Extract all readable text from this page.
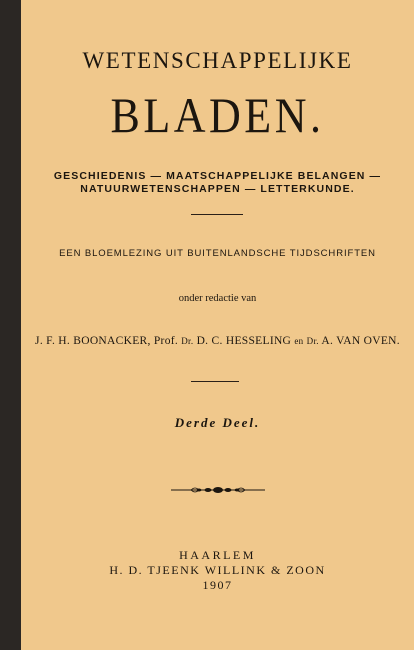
WETENSCHAPPELIJKE
BLADEN.
GESCHIEDENIS — MAATSCHAPPELIJKE BELANGEN —
NATUURWETENSCHAPPEN — LETTERKUNDE.
EEN BLOEMLEZING UIT BUITENLANDSCHE TIJDSCHRIFTEN
onder redactie van
J. F. H. BOONACKER, Prof. Dr. D. C. HESSELING en Dr. A. VAN OVEN.
Derde Deel.
HAARLEM
H. D. TJEENK WILLINK & ZOON
1907
